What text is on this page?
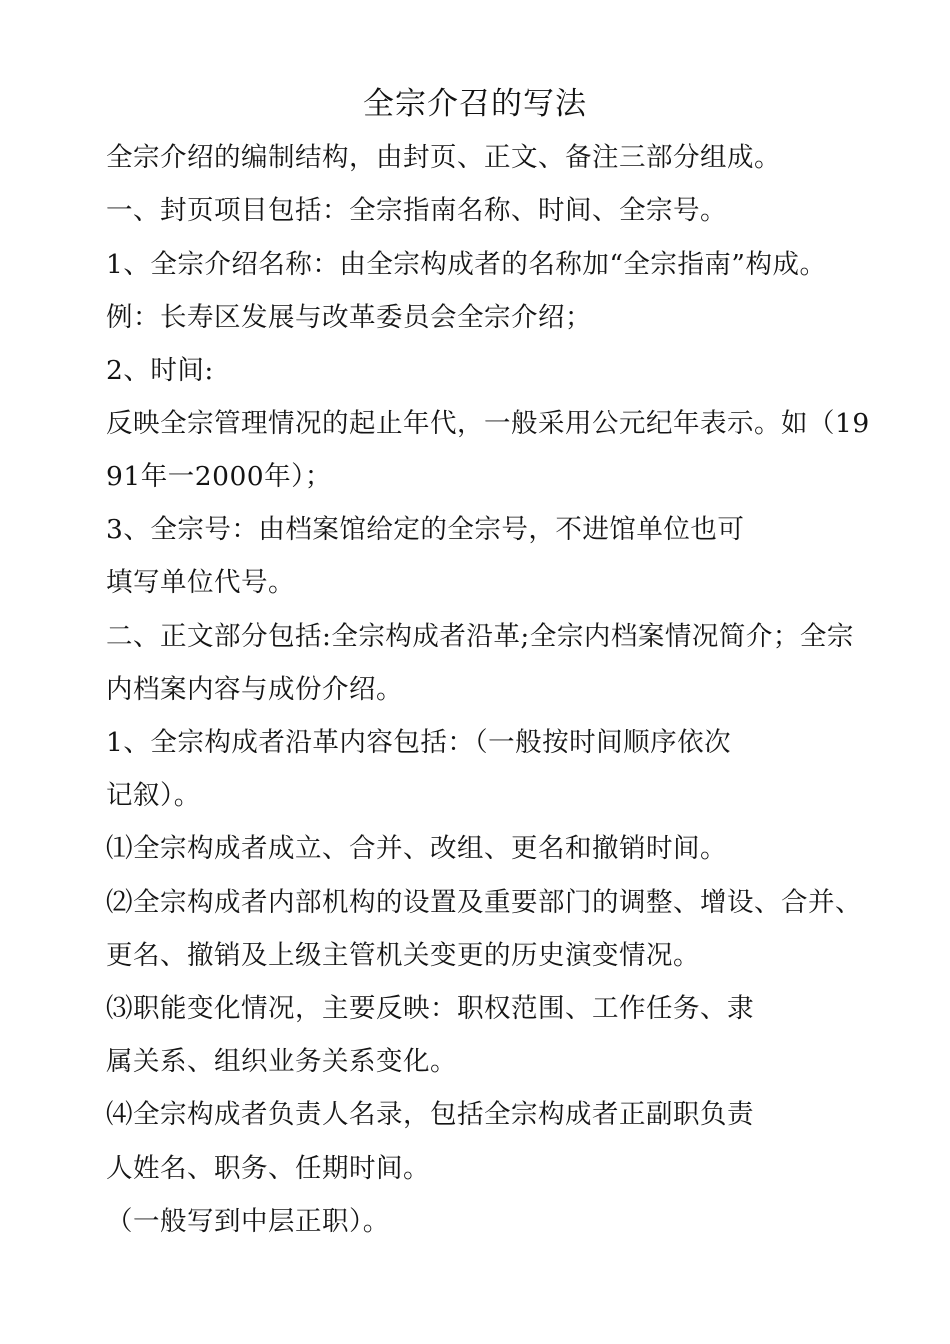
全宗介召的写法
全宗介绍的编制结构，由封页、正文、备注三部分组成。
一、封页项目包括：全宗指南名称、时间、全宗号。
1、全宗介绍名称：由全宗构成者的名称加“全宗指南”构成。
例：长寿区发展与改革委员会全宗介绍；
2、时间:
反映全宗管理情况的起止年代，一般采用公元纪年表示。如（19
91年一2000年）；
3、全宗号：由档案馆给定的全宗号，不进馆单位也可
填写单位代号。
二、正文部分包括:全宗构成者沿革;全宗内档案情况简介；全宗
内档案内容与成份介绍。
1、全宗构成者沿革内容包括：（一般按时间顺序依次
记叙）。
⑴全宗构成者成立、合并、改组、更名和撤销时间。
⑵全宗构成者内部机构的设置及重要部门的调整、增设、合并、
更名、撤销及上级主管机关变更的历史演变情况。
⑶职能变化情况，主要反映：职权范围、工作任务、隶
属关系、组织业务关系变化。
⑷全宗构成者负责人名录，包括全宗构成者正副职负责
人姓名、职务、任期时间。
（一般写到中层正职）。
